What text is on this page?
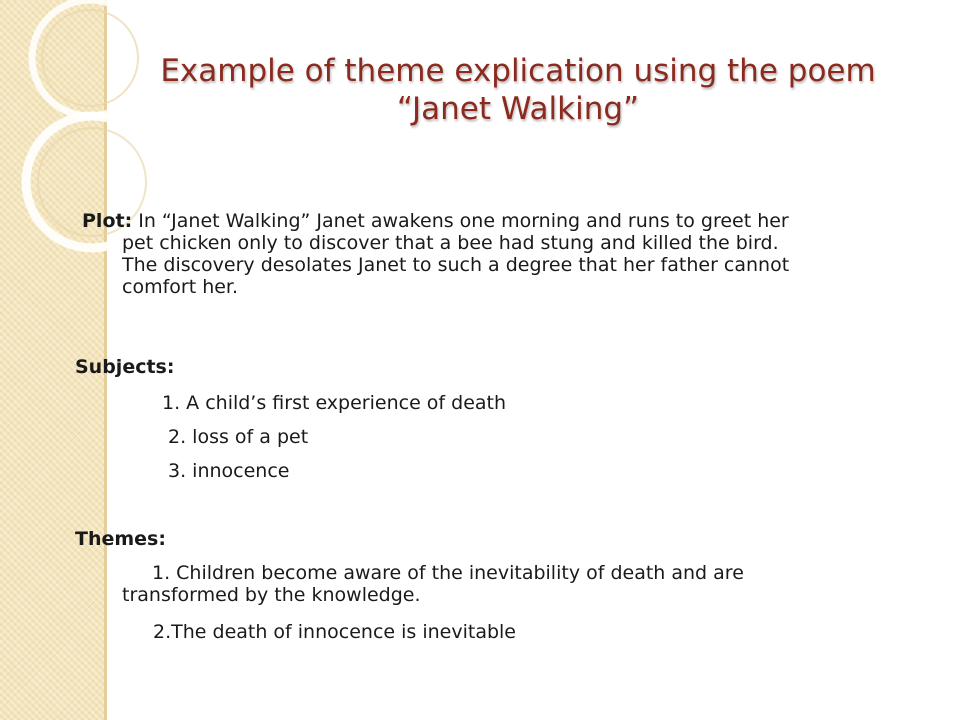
Example of theme explication using the poem
“Janet Walking”
Plot: In “Janet Walking” Janet awakens one morning and runs to greet her
pet chicken only to discover that a bee had stung and killed the bird.
The discovery desolates Janet to such a degree that her father cannot
comfort her.
Subjects:
1. A child’s first experience of death
2. loss of a pet
3. innocence
Themes:
1. Children become aware of the inevitability of death and are
transformed by the knowledge.
2.The death of innocence is inevitable
